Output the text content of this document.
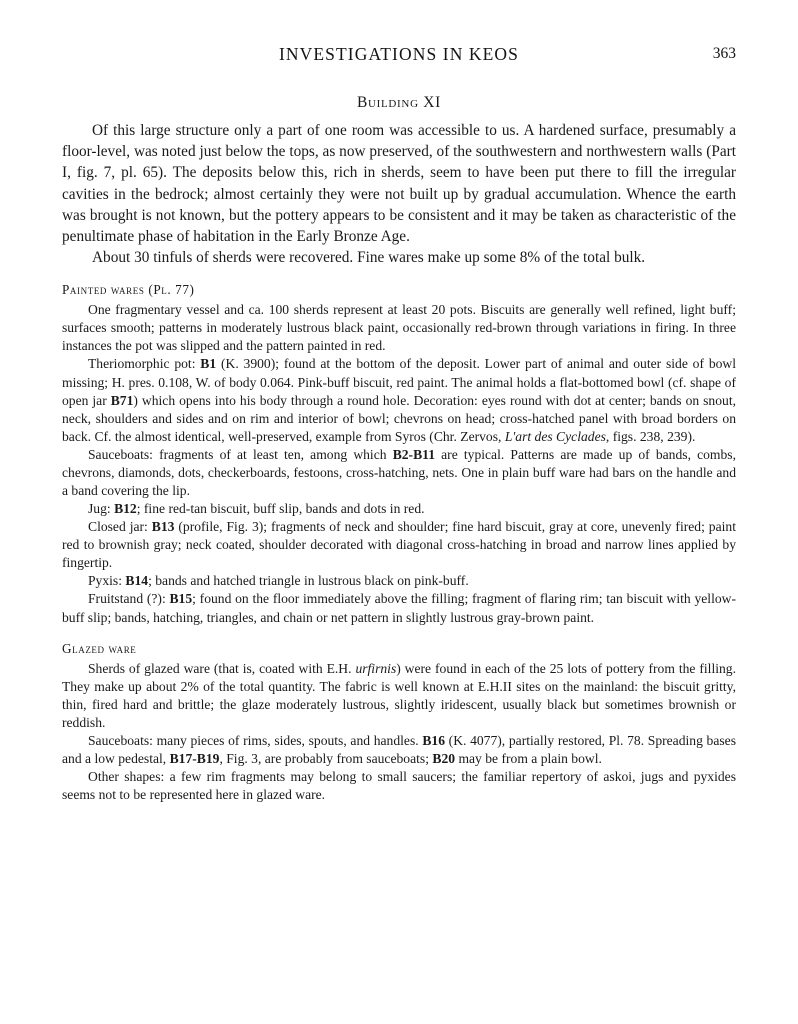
INVESTIGATIONS IN KEOS	363
Building XI

Of this large structure only a part of one room was accessible to us. A hardened surface, presumably a floor-level, was noted just below the tops, as now preserved, of the southwestern and northwestern walls (Part I, fig. 7, pl. 65). The deposits below this, rich in sherds, seem to have been put there to fill the irregular cavities in the bedrock; almost certainly they were not built up by gradual accumulation. Whence the earth was brought is not known, but the pottery appears to be consistent and it may be taken as characteristic of the penultimate phase of habitation in the Early Bronze Age.

About 30 tinfuls of sherds were recovered. Fine wares make up some 8% of the total bulk.

Painted wares (Pl. 77)

One fragmentary vessel and ca. 100 sherds represent at least 20 pots. Biscuits are generally well refined, light buff; surfaces smooth; patterns in moderately lustrous black paint, occasionally red-brown through variations in firing. In three instances the pot was slipped and the pattern painted in red.

Theriomorphic pot: B1 (K. 3900); found at the bottom of the deposit. Lower part of animal and outer side of bowl missing; H. pres. 0.108, W. of body 0.064. Pink-buff biscuit, red paint. The animal holds a flat-bottomed bowl (cf. shape of open jar B71) which opens into his body through a round hole. Decoration: eyes round with dot at center; bands on snout, neck, shoulders and sides and on rim and interior of bowl; chevrons on head; cross-hatched panel with broad borders on back. Cf. the almost identical, well-preserved, example from Syros (Chr. Zervos, L'art des Cyclades, figs. 238, 239).

Sauceboats: fragments of at least ten, among which B2-B11 are typical. Patterns are made up of bands, combs, chevrons, diamonds, dots, checkerboards, festoons, cross-hatching, nets. One in plain buff ware had bars on the handle and a band covering the lip.

Jug: B12; fine red-tan biscuit, buff slip, bands and dots in red.

Closed jar: B13 (profile, Fig. 3); fragments of neck and shoulder; fine hard biscuit, gray at core, unevenly fired; paint red to brownish gray; neck coated, shoulder decorated with diagonal cross-hatching in broad and narrow lines applied by fingertip.

Pyxis: B14; bands and hatched triangle in lustrous black on pink-buff.

Fruitstand (?): B15; found on the floor immediately above the filling; fragment of flaring rim; tan biscuit with yellow-buff slip; bands, hatching, triangles, and chain or net pattern in slightly lustrous gray-brown paint.

Glazed ware

Sherds of glazed ware (that is, coated with E.H. urfirnis) were found in each of the 25 lots of pottery from the filling. They make up about 2% of the total quantity. The fabric is well known at E.H.II sites on the mainland: the biscuit gritty, thin, fired hard and brittle; the glaze moderately lustrous, slightly iridescent, usually black but sometimes brownish or reddish.

Sauceboats: many pieces of rims, sides, spouts, and handles. B16 (K. 4077), partially restored, Pl. 78. Spreading bases and a low pedestal, B17-B19, Fig. 3, are probably from sauceboats; B20 may be from a plain bowl.

Other shapes: a few rim fragments may belong to small saucers; the familiar repertory of askoi, jugs and pyxides seems not to be represented here in glazed ware.
